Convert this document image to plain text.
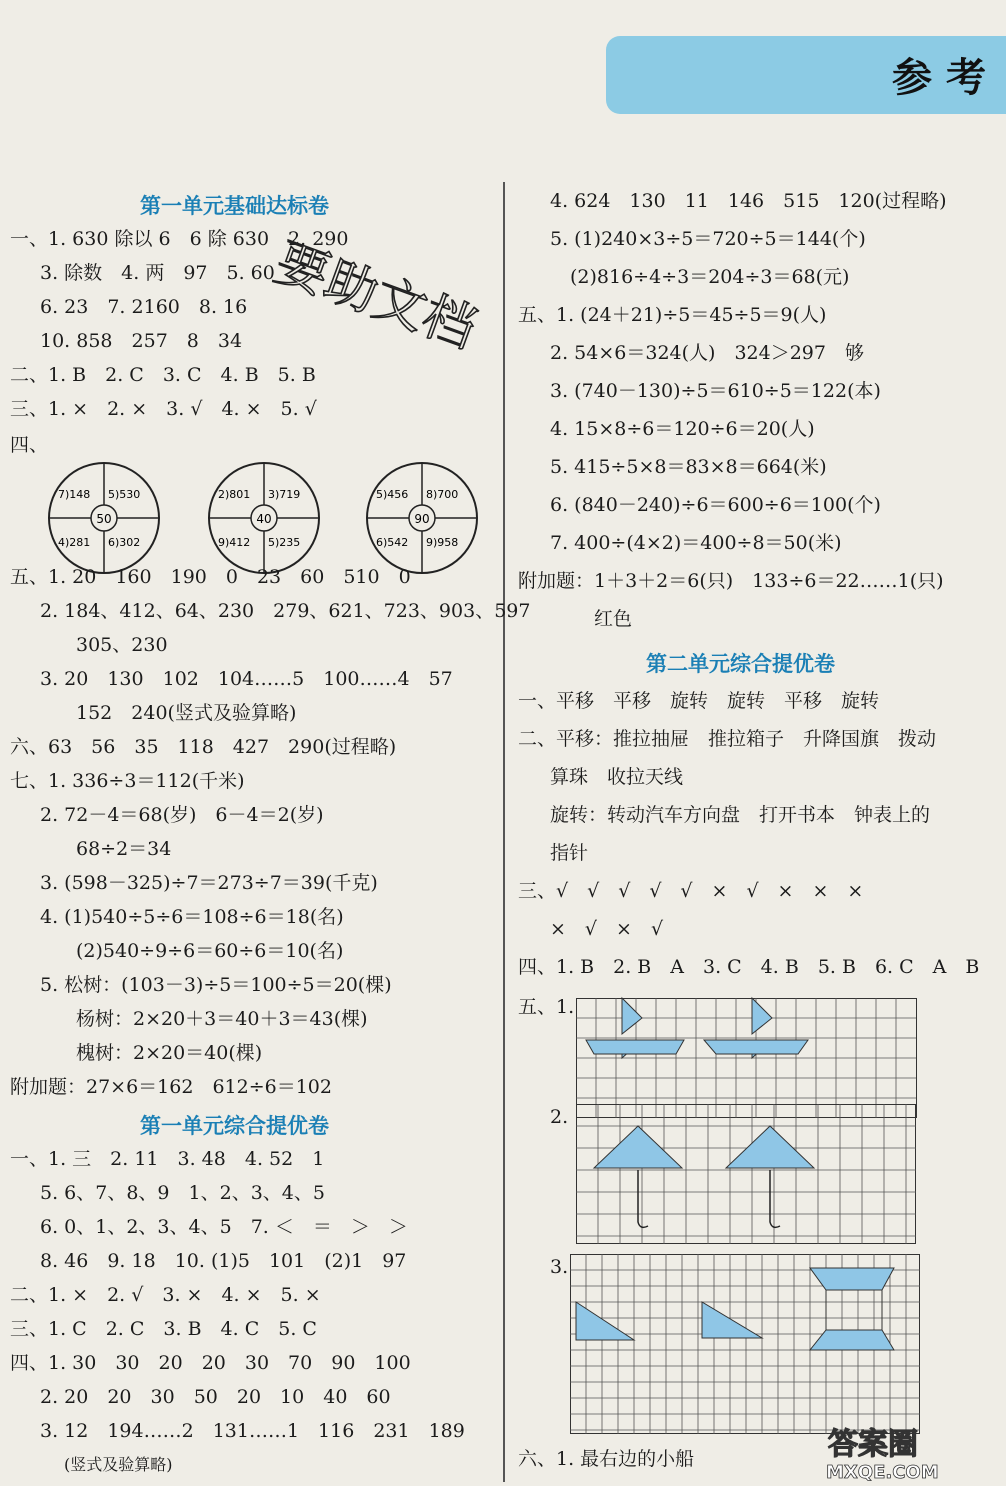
参考
第一单元基础达标卷
一、1. 630 除以 6　6 除 630　2. 290
3. 除数　4. 两　97　5. 60
6. 23　7. 2160　8. 16
10. 858　257　8　34
二、1. B　2. C　3. C　4. B　5. B
三、1. ×　2. ×　3. √　4. ×　5. √
四、
50
7)148 5)530
4)281 6)302
40
2)801 3)719
9)412 5)235
90
5)456 8)700
6)542 9)958
五、1. 20　160　190　0　23　60　510　0
2. 184、412、64、230　279、621、723、903、597
305、230
3. 20　130　102　104……5　100……4　57
152　240(竖式及验算略)
六、63　56　35　118　427　290(过程略)
七、1. 336÷3＝112(千米)
2. 72－4＝68(岁)　6－4＝2(岁)
68÷2＝34
3. (598－325)÷7＝273÷7＝39(千克)
4. (1)540÷5÷6＝108÷6＝18(名)
(2)540÷9÷6＝60÷6＝10(名)
5. 松树：(103－3)÷5＝100÷5＝20(棵)
杨树：2×20＋3＝40＋3＝43(棵)
槐树：2×20＝40(棵)
附加题：27×6＝162　612÷6＝102
第一单元综合提优卷
一、1. 三　2. 11　3. 48　4. 52　1
5. 6、7、8、9　1、2、3、4、5
6. 0、1、2、3、4、5　7. ＜　＝　＞　＞
8. 46　9. 18　10. (1)5　101　(2)1　97
二、1. ×　2. √　3. ×　4. ×　5. ×
三、1. C　2. C　3. B　4. C　5. C
四、1. 30　30　20　20　30　70　90　100
2. 20　20　30　50　20　10　40　60
3. 12　194……2　131……1　116　231　189
(竖式及验算略)
要助文档
4. 624　130　11　146　515　120(过程略)
5. (1)240×3÷5＝720÷5＝144(个)
(2)816÷4÷3＝204÷3＝68(元)
五、1. (24＋21)÷5＝45÷5＝9(人)
2. 54×6＝324(人)　324＞297　够
3. (740－130)÷5＝610÷5＝122(本)
4. 15×8÷6＝120÷6＝20(人)
5. 415÷5×8＝83×8＝664(米)
6. (840－240)÷6＝600÷6＝100(个)
7. 400÷(4×2)＝400÷8＝50(米)
附加题：1＋3＋2＝6(只)　133÷6＝22……1(只)
红色
第二单元综合提优卷
一、平移　平移　旋转　旋转　平移　旋转
二、平移：推拉抽屉　推拉箱子　升降国旗　拨动
算珠　收拉天线
旋转：转动汽车方向盘　打开书本　钟表上的
指针
三、√　√　√　√　√　×　√　×　×　×
×　√　×　√
四、1. B　2. B　A　3. C　4. B　5. B　6. C　A　B
五、1.
2.
3.
六、1. 最右边的小船	答案圈
MXQE.COM
